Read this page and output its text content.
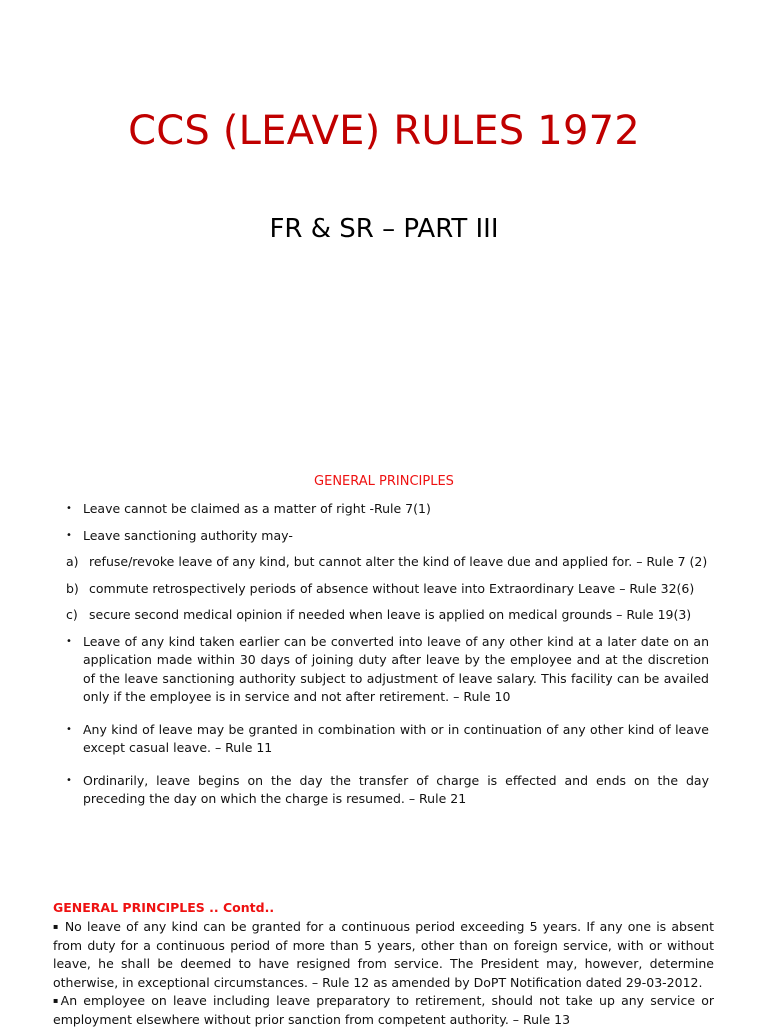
CCS (LEAVE) RULES 1972
FR & SR – PART III
GENERAL PRINCIPLES
• Leave cannot be claimed as a matter of right -Rule 7(1)
• Leave sanctioning authority may-
a) refuse/revoke leave of any kind, but cannot alter the kind of leave due and applied for. – Rule 7 (2)
b) commute retrospectively periods of absence without leave into Extraordinary Leave – Rule 32(6)
c) secure second medical opinion if needed when leave is applied on medical grounds – Rule 19(3)
• Leave of any kind taken earlier can be converted into leave of any other kind at a later date on an application made within 30 days of joining duty after leave by the employee and at the discretion of the leave sanctioning authority subject to adjustment of leave salary. This facility can be availed only if the employee is in service and not after retirement. – Rule 10
• Any kind of leave may be granted in combination with or in continuation of any other kind of leave except casual leave. – Rule 11
• Ordinarily, leave begins on the day the transfer of charge is effected and ends on the day preceding the day on which the charge is resumed. – Rule 21
GENERAL PRINCIPLES .. Contd..
▪ No leave of any kind can be granted for a continuous period exceeding 5 years. If any one is absent from duty for a continuous period of more than 5 years, other than on foreign service, with or without leave, he shall be deemed to have resigned from service. The President may, however, determine otherwise, in exceptional circumstances. – Rule 12 as amended by DoPT Notification dated 29-03-2012.
▪An employee on leave including leave preparatory to retirement, should not take up any service or employment elsewhere without prior sanction from competent authority. – Rule 13
